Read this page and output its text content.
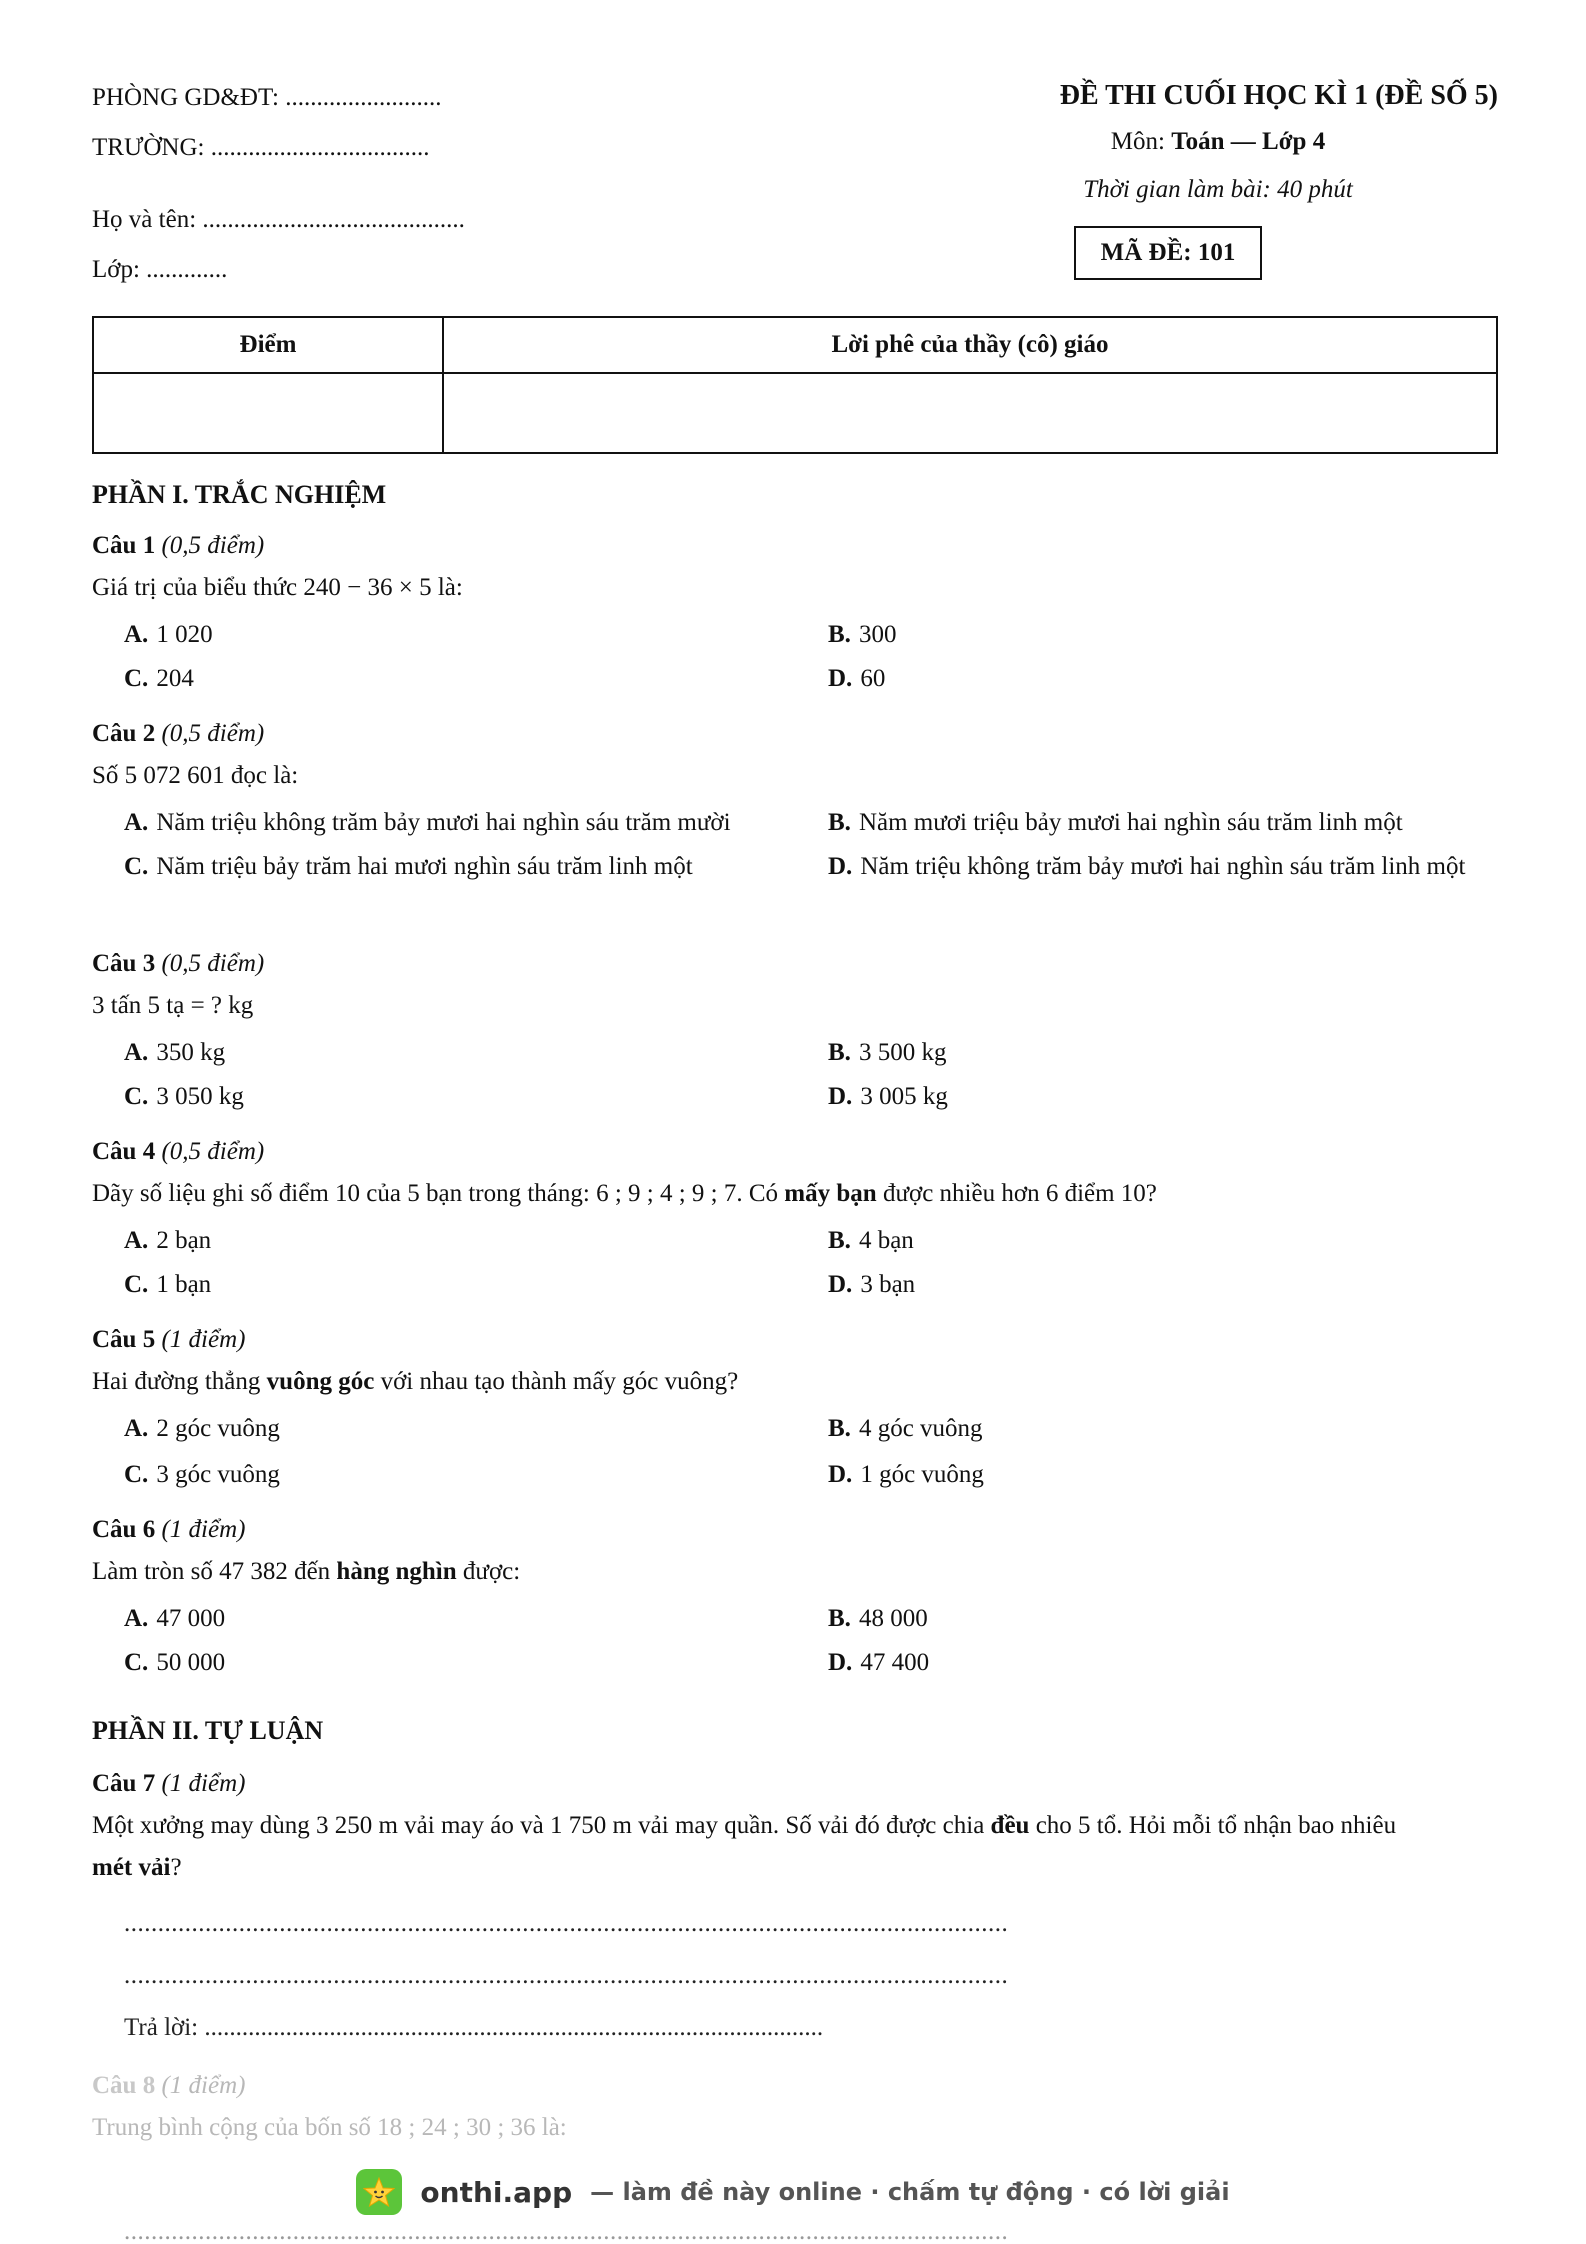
PHÒNG GD&ĐT: .........................
TRƯỜNG: ...................................
Họ và tên: ..........................................
Lớp: .............
ĐỀ THI CUỐI HỌC KÌ 1 (ĐỀ SỐ 5)
Môn: Toán — Lớp 4
Thời gian làm bài: 40 phút
MÃ ĐỀ: 101
Điểm	Lời phê của thầy (cô) giáo

PHẦN I. TRẮC NGHIỆM
Câu 1 (0,5 điểm)
Giá trị của biểu thức 240 − 36 × 5 là:
A. 1 020	B. 300
C. 204	D. 60
Câu 2 (0,5 điểm)
Số 5 072 601 đọc là:
A. Năm triệu không trăm bảy mươi hai nghìn sáu trăm mười	B. Năm mươi triệu bảy mươi hai nghìn sáu trăm linh một
C. Năm triệu bảy trăm hai mươi nghìn sáu trăm linh một	D. Năm triệu không trăm bảy mươi hai nghìn sáu trăm linh một
Câu 3 (0,5 điểm)
3 tấn 5 tạ = ? kg
A. 350 kg	B. 3 500 kg
C. 3 050 kg	D. 3 005 kg
Câu 4 (0,5 điểm)
Dãy số liệu ghi số điểm 10 của 5 bạn trong tháng: 6 ; 9 ; 4 ; 9 ; 7. Có mấy bạn được nhiều hơn 6 điểm 10?
A. 2 bạn	B. 4 bạn
C. 1 bạn	D. 3 bạn
Câu 5 (1 điểm)
Hai đường thẳng vuông góc với nhau tạo thành mấy góc vuông?
A. 2 góc vuông	B. 4 góc vuông
C. 3 góc vuông	D. 1 góc vuông
Câu 6 (1 điểm)
Làm tròn số 47 382 đến hàng nghìn được:
A. 47 000	B. 48 000
C. 50 000	D. 47 400
PHẦN II. TỰ LUẬN
Câu 7 (1 điểm)
Một xưởng may dùng 3 250 m vải may áo và 1 750 m vải may quần. Số vải đó được chia đều cho 5 tổ. Hỏi mỗi tổ nhận bao nhiêu
mét vải?
...................................................................................................................................
...................................................................................................................................
Trả lời: ...................................................................................................
Câu 8 (1 điểm)
Trung bình cộng của bốn số 18 ; 24 ; 30 ; 36 là:
...................................................................................................................................
onthi.app — làm đề này online · chấm tự động · có lời giải
